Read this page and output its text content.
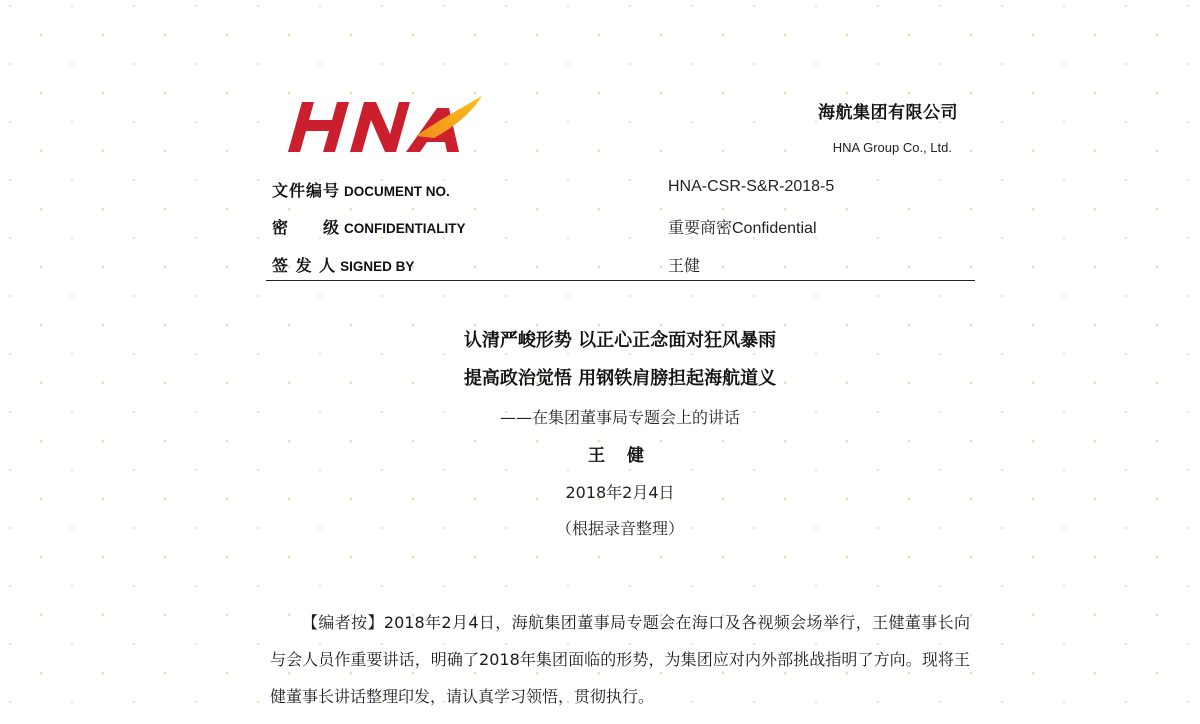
海航集团有限公司
HNA Group Co., Ltd.
文件编号 DOCUMENT NO.	HNA-CSR-S&R-2018-5
密　　级 CONFIDENTIALITY	重要商密Confidential
签 发 人 SIGNED BY	王健
认清严峻形势 以正心正念面对狂风暴雨
提高政治觉悟 用钢铁肩膀担起海航道义
——在集团董事局专题会上的讲话
王 健
2018年2月4日
（根据录音整理）

【编者按】2018年2月4日，海航集团董事局专题会在海口及各视频会场举行，王健董事长向与会人员作重要讲话，明确了2018年集团面临的形势，为集团应对内外部挑战指明了方向。现将王健董事长讲话整理印发，请认真学习领悟，贯彻执行。
